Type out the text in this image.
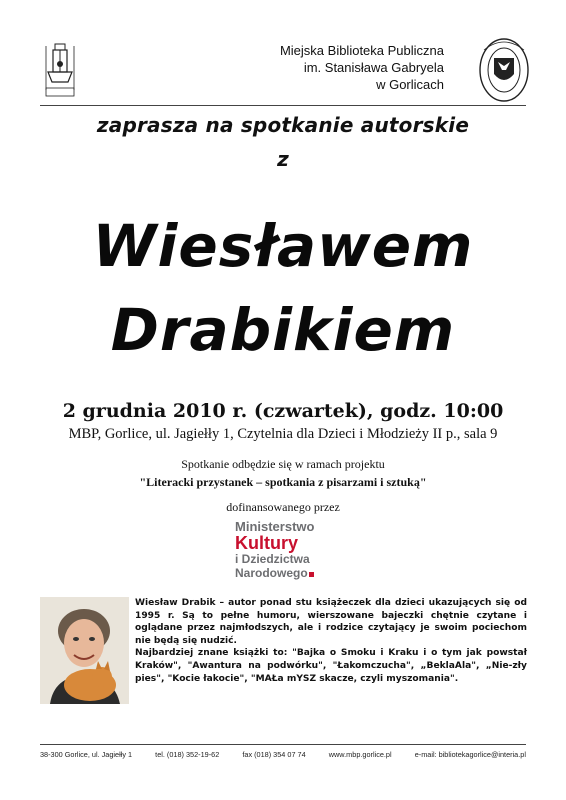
Miejska Biblioteka Publiczna
im. Stanisława Gabryela
w Gorlicach
zaprasza na spotkanie autorskie
z
Wiesławem
Drabikiem
2 grudnia 2010 r. (czwartek), godz. 10:00
MBP, Gorlice, ul. Jagiełły 1, Czytelnia dla Dzieci i Młodzieży II p., sala 9
Spotkanie odbędzie się w ramach projektu
"Literacki przystanek – spotkania z pisarzami i sztuką"
dofinansowanego przez
Ministerstwo
Kultury
i Dziedzictwa
Narodowego

Wiesław Drabik – autor ponad stu książeczek dla dzieci ukazujących się od 1995 r. Są to pełne humoru, wierszowane bajeczki chętnie czytane i oglądane przez najmłodszych, ale i rodzice czytający je swoim pociechom nie będą się nudzić.

Najbardziej znane książki to: "Bajka o Smoku i Kraku i o tym jak powstał Kraków", "Awantura na podwórku", "Łakomczucha", „BeklaAla", „Nie-zły pies", "Kocie łakocie", "MAŁa mYSZ skacze, czyli myszomania".

38-300 Gorlice, ul. Jagiełły 1	tel. (018) 352-19-62	fax (018) 354 07 74	www.mbp.gorlice.pl	e-mail: bibliotekagorlice@interia.pl
